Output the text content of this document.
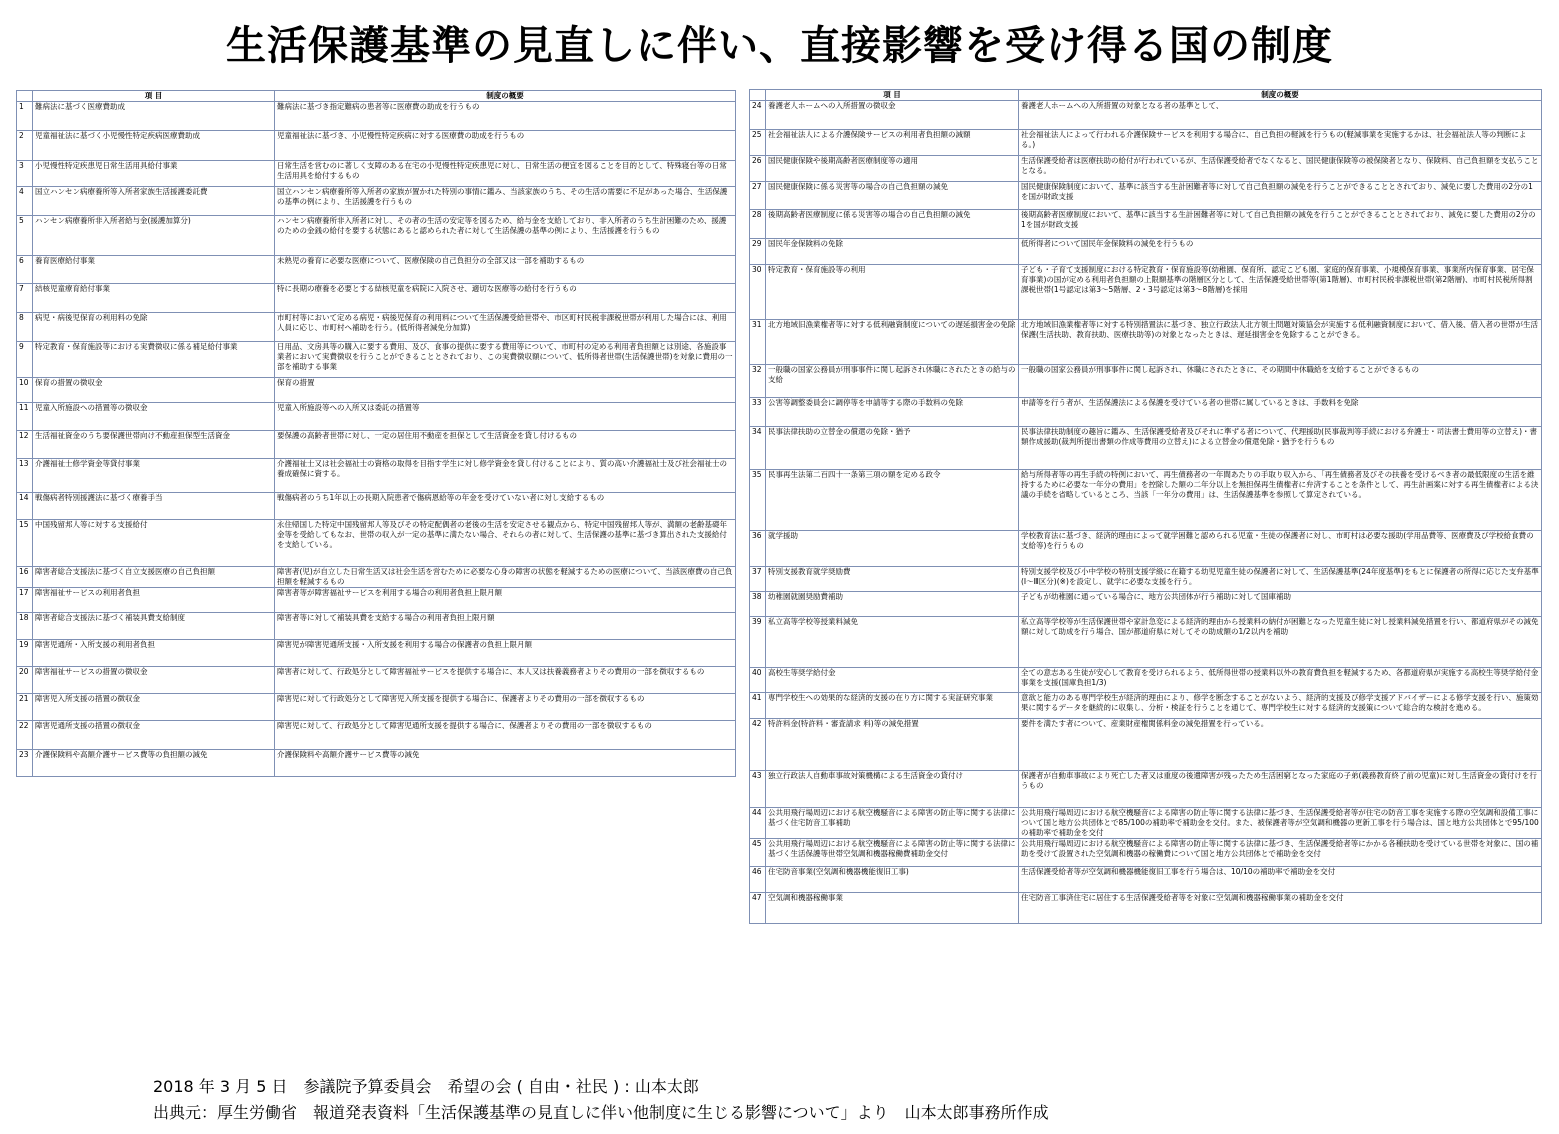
生活保護基準の見直しに伴い、直接影響を受け得る国の制度
	項 目	制度の概要
1	難病法に基づく医療費助成	難病法に基づき指定難病の患者等に医療費の助成を行うもの
2	児童福祉法に基づく小児慢性特定疾病医療費助成	児童福祉法に基づき、小児慢性特定疾病に対する医療費の助成を行うもの
3	小児慢性特定疾患児日常生活用具給付事業	日常生活を営むのに著しく支障のある在宅の小児慢性特定疾患児に対し、日常生活の便宜を図ることを目的として、特殊寝台等の日常生活用具を給付するもの
4	国立ハンセン病療養所等入所者家族生活援護委託費	国立ハンセン病療養所等入所者の家族が置かれた特別の事情に鑑み、当該家族のうち、その生活の需要に不足があった場合、生活保護の基準の例により、生活援護を行うもの
5	ハンセン病療養所非入所者給与金(援護加算分)	ハンセン病療養所非入所者に対し、その者の生活の安定等を図るため、給与金を支給しており、非入所者のうち生計困難のため、援護のための金銭の給付を要する状態にあると認められた者に対して生活保護の基準の例により、生活援護を行うもの
6	養育医療給付事業	未熟児の養育に必要な医療について、医療保険の自己負担分の全部又は一部を補助するもの
7	結核児童療育給付事業	特に長期の療養を必要とする結核児童を病院に入院させ、適切な医療等の給付を行うもの
8	病児・病後児保育の利用料の免除	市町村等において定める病児・病後児保育の利用料について生活保護受給世帯や、市区町村民税非課税世帯が利用した場合には、利用人員に応じ、市町村へ補助を行う。(低所得者減免分加算)
9	特定教育・保育施設等における実費徴収に係る補足給付事業	日用品、文房具等の購入に要する費用、及び、食事の提供に要する費用等について、市町村の定める利用者負担額とは別途、各施設事業者において実費徴収を行うことができることとされており、この実費徴収額について、低所得者世帯(生活保護世帯)を対象に費用の一部を補助する事業
10	保育の措置の徴収金	保育の措置
11	児童入所施設への措置等の徴収金	児童入所施設等への入所又は委託の措置等
12	生活福祉資金のうち要保護世帯向け不動産担保型生活資金	要保護の高齢者世帯に対し、一定の居住用不動産を担保として生活資金を貸し付けるもの
13	介護福祉士修学資金等貸付事業	介護福祉士又は社会福祉士の資格の取得を目指す学生に対し修学資金を貸し付けることにより、質の高い介護福祉士及び社会福祉士の養成確保に資する。
14	戦傷病者特別援護法に基づく療養手当	戦傷病者のうち1年以上の長期入院患者で傷病恩給等の年金を受けていない者に対し支給するもの
15	中国残留邦人等に対する支援給付	永住帰国した特定中国残留邦人等及びその特定配偶者の老後の生活を安定させる観点から、特定中国残留邦人等が、満額の老齢基礎年金等を受給してもなお、世帯の収入が一定の基準に満たない場合、それらの者に対して、生活保護の基準に基づき算出された支援給付を支給している。
16	障害者総合支援法に基づく自立支援医療の自己負担額	障害者(児)が自立した日常生活又は社会生活を営むために必要な心身の障害の状態を軽減するための医療について、当該医療費の自己負担額を軽減するもの
17	障害福祉サービスの利用者負担	障害者等が障害福祉サービスを利用する場合の利用者負担上限月額
18	障害者総合支援法に基づく補装具費支給制度	障害者等に対して補装具費を支給する場合の利用者負担上限月額
19	障害児通所・入所支援の利用者負担	障害児が障害児通所支援・入所支援を利用する場合の保護者の負担上限月額
20	障害福祉サービスの措置の徴収金	障害者に対して、行政処分として障害福祉サービスを提供する場合に、本人又は扶養義務者よりその費用の一部を徴収するもの
21	障害児入所支援の措置の徴収金	障害児に対して行政処分として障害児入所支援を提供する場合に、保護者よりその費用の一部を徴収するもの
22	障害児通所支援の措置の徴収金	障害児に対して、行政処分として障害児通所支援を提供する場合に、保護者よりその費用の一部を徴収するもの
23	介護保険料や高額介護サービス費等の負担額の減免	介護保険料や高額介護サービス費等の減免
	項 目	制度の概要
24	養護老人ホームへの入所措置の徴収金	養護老人ホームへの入所措置の対象となる者の基準として、
25	社会福祉法人による介護保険サービスの利用者負担額の減額	社会福祉法人によって行われる介護保険サービスを利用する場合に、自己負担の軽減を行うもの(軽減事業を実施するかは、社会福祉法人等の判断による。)
26	国民健康保険や後期高齢者医療制度等の適用	生活保護受給者は医療扶助の給付が行われているが、生活保護受給者でなくなると、国民健康保険等の被保険者となり、保険料、自己負担額を支払うこととなる。
27	国民健康保険に係る災害等の場合の自己負担額の減免	国民健康保険制度において、基準に該当する生計困難者等に対して自己負担額の減免を行うことができることとされており、減免に要した費用の2分の1を国が財政支援
28	後期高齢者医療制度に係る災害等の場合の自己負担額の減免	後期高齢者医療制度において、基準に該当する生計困難者等に対して自己負担額の減免を行うことができることとされており、減免に要した費用の2分の1を国が財政支援
29	国民年金保険料の免除	低所得者について国民年金保険料の減免を行うもの
30	特定教育・保育施設等の利用	子ども・子育て支援制度における特定教育・保育施設等(幼稚園、保育所、認定こども園、家庭的保育事業、小規模保育事業、事業所内保育事業、居宅保育事業)の国が定める利用者負担額の上限額基準の階層区分として、生活保護受給世帯等(第1階層)、市町村民税非課税世帯(第2階層)、市町村民税所得割課税世帯(1号認定は第3～5階層、2・3号認定は第3～8階層)を採用
31	北方地域旧漁業権者等に対する低利融資制度についての遅延損害金の免除	北方地域旧漁業権者等に対する特別措置法に基づき、独立行政法人北方領土問題対策協会が実施する低利融資制度において、借入後、借入者の世帯が生活保護(生活扶助、教育扶助、医療扶助等)の対象となったときは、遅延損害金を免除することができる。
32	一般職の国家公務員が刑事事件に関し起訴され休職にされたときの給与の支給	一般職の国家公務員が刑事事件に関し起訴され、休職にされたときに、その期間中休職給を支給することができるもの
33	公害等調整委員会に調停等を申請等する際の手数料の免除	申請等を行う者が、生活保護法による保護を受けている者の世帯に属しているときは、手数料を免除
34	民事法律扶助の立替金の償還の免除・猶予	民事法律扶助制度の趣旨に鑑み、生活保護受給者及びそれに準ずる者について、代理援助(民事裁判等手続における弁護士・司法書士費用等の立替え)・書類作成援助(裁判所提出書類の作成等費用の立替え)による立替金の償還免除・猶予を行うもの
35	民事再生法第二百四十一条第三項の額を定める政令	給与所得者等の再生手続の特例において、再生債務者の一年間あたりの手取り収入から、「再生債務者及びその扶養を受けるべき者の最低限度の生活を維持するために必要な一年分の費用」を控除した額の二年分以上を無担保再生債権者に弁済することを条件として、再生計画案に対する再生債権者による決議の手続を省略しているところ、当該「一年分の費用」は、生活保護基準を参照して算定されている。
36	就学援助	学校教育法に基づき、経済的理由によって就学困難と認められる児童・生徒の保護者に対し、市町村は必要な援助(学用品費等、医療費及び学校給食費の支給等)を行うもの
37	特別支援教育就学奨励費	特別支援学校及び小中学校の特別支援学級に在籍する幼児児童生徒の保護者に対して、生活保護基準(24年度基準)をもとに保護者の所得に応じた支弁基準(Ⅰ～Ⅲ区分)(※)を設定し、就学に必要な支援を行う。
38	幼稚園就園奨励費補助	子どもが幼稚園に通っている場合に、地方公共団体が行う補助に対して国庫補助
39	私立高等学校等授業料減免	私立高等学校等が生活保護世帯や家計急変による経済的理由から授業料の納付が困難となった児童生徒に対し授業料減免措置を行い、都道府県がその減免額に対して助成を行う場合、国が都道府県に対してその助成額の1/2以内を補助
40	高校生等奨学給付金	全ての意志ある生徒が安心して教育を受けられるよう、低所得世帯の授業料以外の教育費負担を軽減するため、各都道府県が実施する高校生等奨学給付金事業を支援(国庫負担1/3)
41	専門学校生への効果的な経済的支援の在り方に関する実証研究事業	意欲と能力のある専門学校生が経済的理由により、修学を断念することがないよう、経済的支援及び修学支援アドバイザーによる修学支援を行い、施策効果に関するデータを継続的に収集し、分析・検証を行うことを通じて、専門学校生に対する経済的支援策について総合的な検討を進める。
42	特許料金(特許料・審査請求 料)等の減免措置	要件を満たす者について、産業財産権関係料金の減免措置を行っている。
43	独立行政法人自動車事故対策機構による生活資金の貸付け	保護者が自動車事故により死亡した者又は重度の後遺障害が残ったため生活困窮となった家庭の子弟(義務教育終了前の児童)に対し生活資金の貸付けを行うもの
44	公共用飛行場周辺における航空機騒音による障害の防止等に関する法律に基づく住宅防音工事補助	公共用飛行場周辺における航空機騒音による障害の防止等に関する法律に基づき、生活保護受給者等が住宅の防音工事を実施する際の空気調和設備工事について国と地方公共団体とで85/100の補助率で補助金を交付。また、被保護者等が空気調和機器の更新工事を行う場合は、国と地方公共団体とで95/100の補助率で補助金を交付
45	公共用飛行場周辺における航空機騒音による障害の防止等に関する法律に基づく生活保護等世帯空気調和機器稼働費補助金交付	公共用飛行場周辺における航空機騒音による障害の防止等に関する法律に基づき、生活保護受給者等にかかる各種扶助を受けている世帯を対象に、国の補助を受けて設置された空気調和機器の稼働費について国と地方公共団体とで補助金を交付
46	住宅防音事業(空気調和機器機能復旧工事)	生活保護受給者等が空気調和機器機能復旧工事を行う場合は、10/10の補助率で補助金を交付
47	空気調和機器稼働事業	住宅防音工事済住宅に居住する生活保護受給者等を対象に空気調和機器稼働事業の補助金を交付
2018 年 3 月 5 日　参議院予算委員会　希望の会 ( 自由・社民 ) : 山本太郎
出典元：厚生労働省　報道発表資料「生活保護基準の見直しに伴い他制度に生じる影響について」より　山本太郎事務所作成
